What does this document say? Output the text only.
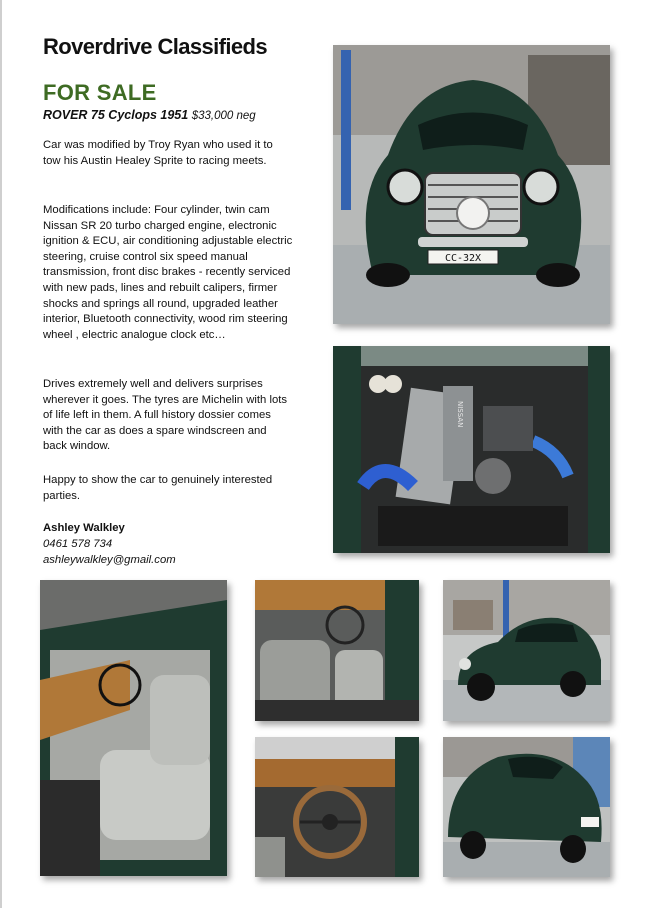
Roverdrive Classifieds
FOR SALE
ROVER 75 Cyclops 1951 $33,000 neg

Car was modified by Troy Ryan who used it to tow his Austin Healey Sprite to racing meets.

Modifications include: Four cylinder, twin cam Nissan SR 20 turbo charged engine, electronic ignition & ECU, air conditioning adjustable electric steering, cruise control six speed manual transmission, front disc brakes - recently serviced with new pads, lines and rebuilt calipers, firmer shocks and springs all round, upgraded leather interior, Bluetooth connectivity, wood rim steering wheel , electric analogue clock etc…

Drives extremely well and delivers surprises wherever it goes. The tyres are Michelin with lots of life left in them. A full history dossier comes with the car as does a spare windscreen and back window.

Happy to show the car to genuinely interested parties.

Ashley Walkley
0461 578 734
ashleywalkley@gmail.com
CC-32X
NISSAN
